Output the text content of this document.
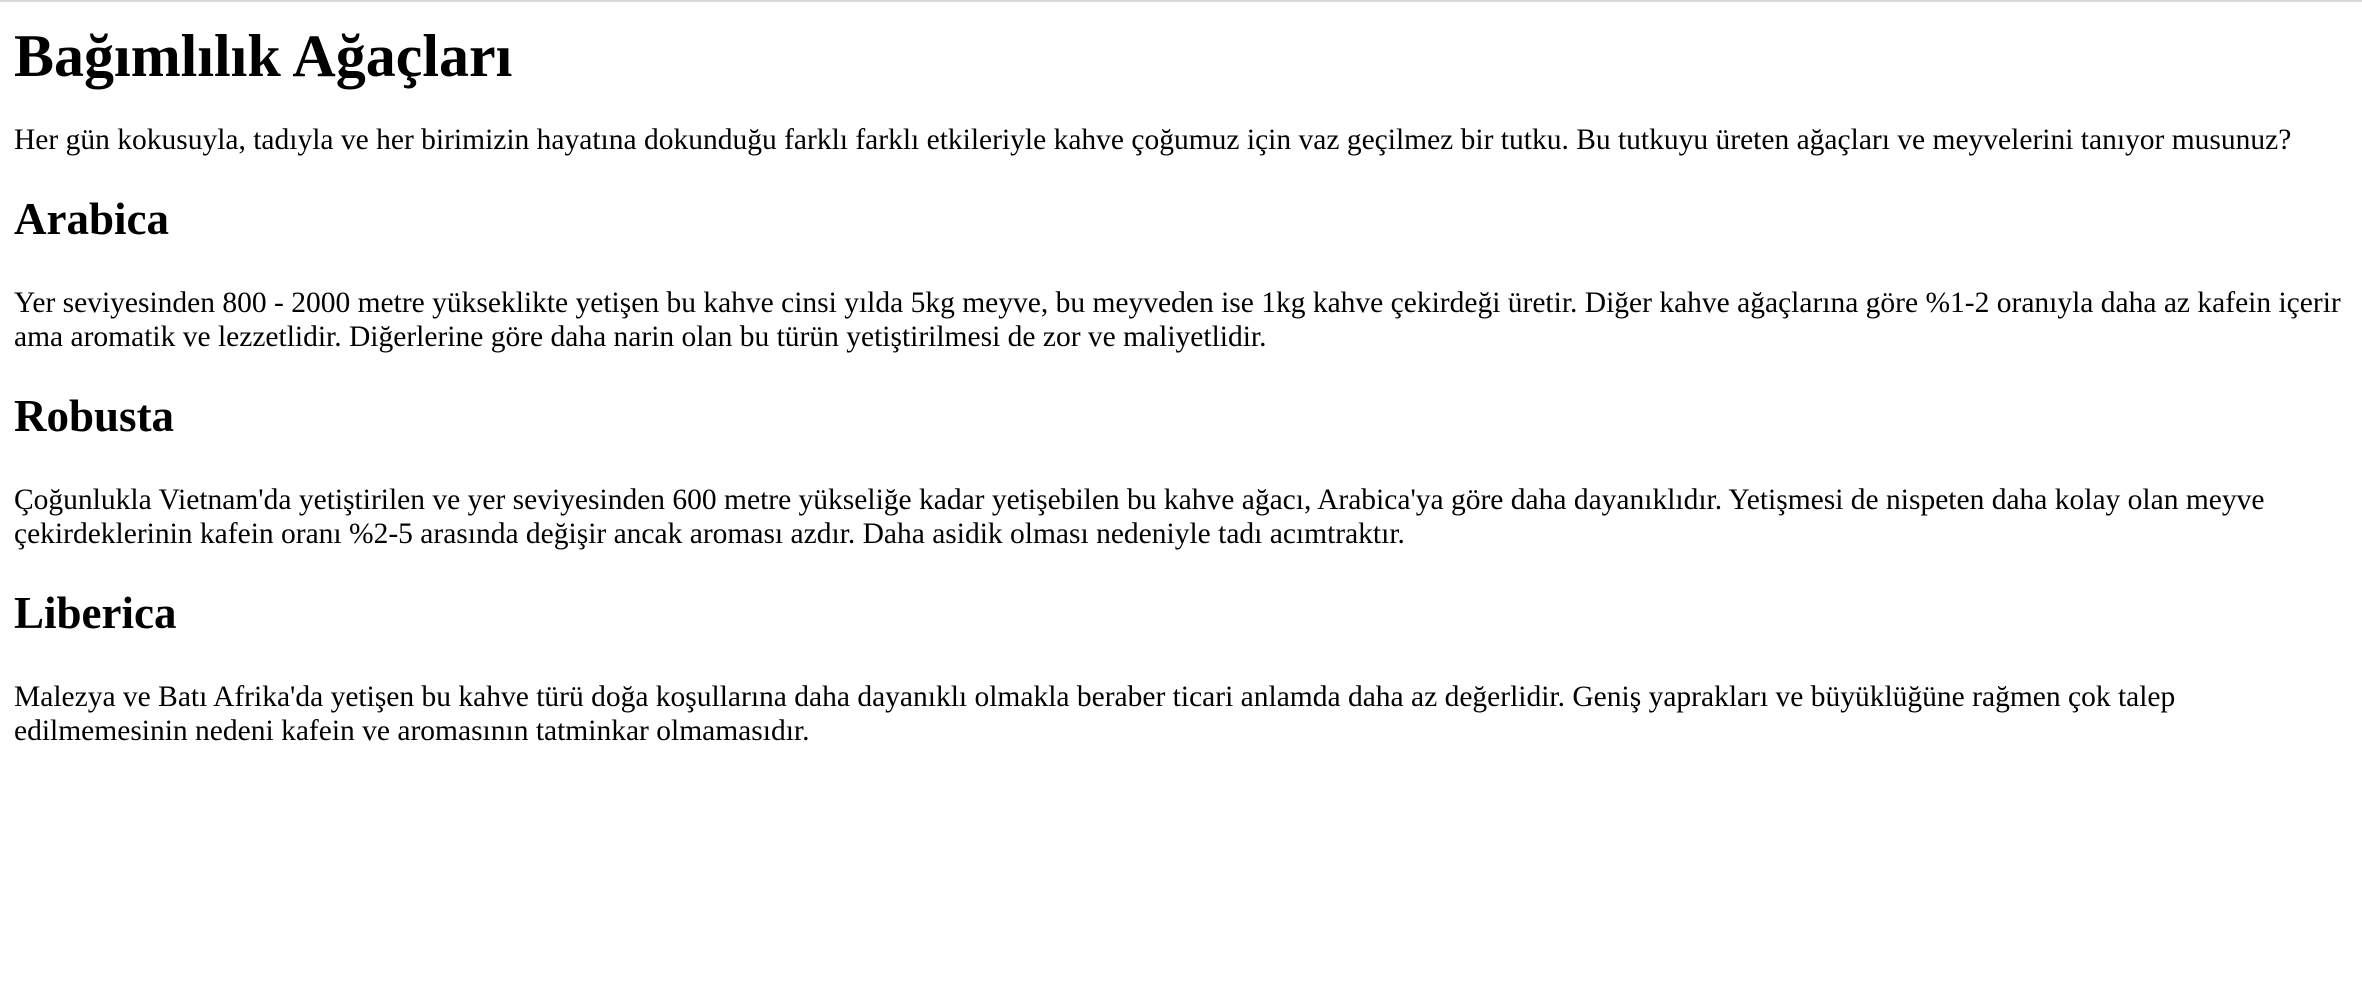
Bağımlılık Ağaçları

Her gün kokusuyla, tadıyla ve her birimizin hayatına dokunduğu farklı farklı etkileriyle kahve çoğumuz için vaz geçilmez bir tutku. Bu tutkuyu üreten ağaçları ve meyvelerini tanıyor musunuz?

Arabica

Yer seviyesinden 800 - 2000 metre yükseklikte yetişen bu kahve cinsi yılda 5kg meyve, bu meyveden ise 1kg kahve çekirdeği üretir. Diğer kahve ağaçlarına göre %1-2 oranıyla daha az kafein içerir ama aromatik ve lezzetlidir. Diğerlerine göre daha narin olan bu türün yetiştirilmesi de zor ve maliyetlidir.

Robusta

Çoğunlukla Vietnam'da yetiştirilen ve yer seviyesinden 600 metre yükseliğe kadar yetişebilen bu kahve ağacı, Arabica'ya göre daha dayanıklıdır. Yetişmesi de nispeten daha kolay olan meyve çekirdeklerinin kafein oranı %2-5 arasında değişir ancak aroması azdır. Daha asidik olması nedeniyle tadı acımtraktır.

Liberica

Malezya ve Batı Afrika'da yetişen bu kahve türü doğa koşullarına daha dayanıklı olmakla beraber ticari anlamda daha az değerlidir. Geniş yaprakları ve büyüklüğüne rağmen çok talep edilmemesinin nedeni kafein ve aromasının tatminkar olmamasıdır.
